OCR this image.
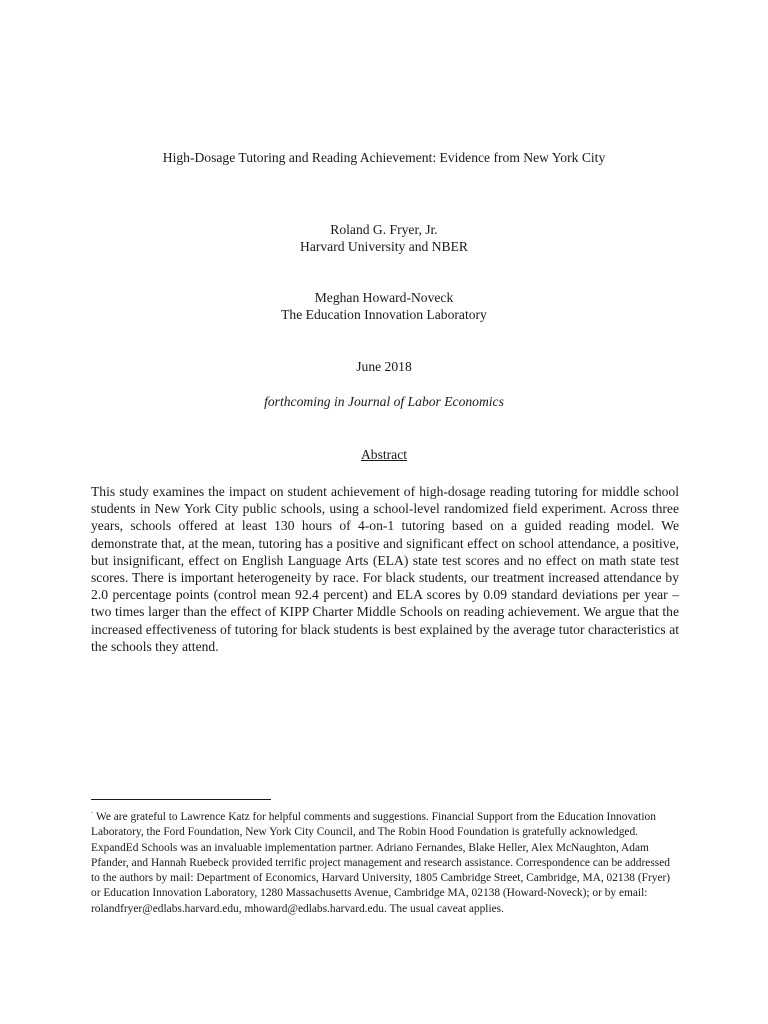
High-Dosage Tutoring and Reading Achievement: Evidence from New York City

Roland G. Fryer, Jr.

Harvard University and NBER

Meghan Howard-Noveck

The Education Innovation Laboratory

June 2018

forthcoming in Journal of Labor Economics

Abstract

This study examines the impact on student achievement of high-dosage reading tutoring for middle school students in New York City public schools, using a school-level randomized field experiment. Across three years, schools offered at least 130 hours of 4-on-1 tutoring based on a guided reading model. We demonstrate that, at the mean, tutoring has a positive and significant effect on school attendance, a positive, but insignificant, effect on English Language Arts (ELA) state test scores and no effect on math state test scores. There is important heterogeneity by race. For black students, our treatment increased attendance by 2.0 percentage points (control mean 92.4 percent) and ELA scores by 0.09 standard deviations per year – two times larger than the effect of KIPP Charter Middle Schools on reading achievement. We argue that the increased effectiveness of tutoring for black students is best explained by the average tutor characteristics at the schools they attend.

· We are grateful to Lawrence Katz for helpful comments and suggestions. Financial Support from the Education Innovation Laboratory, the Ford Foundation, New York City Council, and The Robin Hood Foundation is gratefully acknowledged. ExpandEd Schools was an invaluable implementation partner. Adriano Fernandes, Blake Heller, Alex McNaughton, Adam Pfander, and Hannah Ruebeck provided terrific project management and research assistance. Correspondence can be addressed to the authors by mail: Department of Economics, Harvard University, 1805 Cambridge Street, Cambridge, MA, 02138 (Fryer) or Education Innovation Laboratory, 1280 Massachusetts Avenue, Cambridge MA, 02138 (Howard-Noveck); or by email: rolandfryer@edlabs.harvard.edu, mhoward@edlabs.harvard.edu. The usual caveat applies.
